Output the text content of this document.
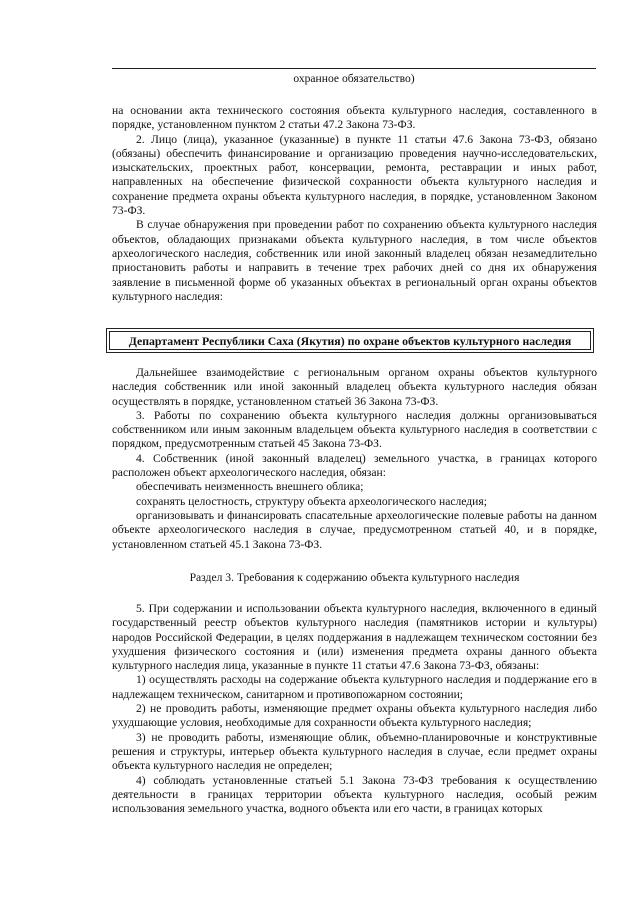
охранное обязательство)

на основании акта технического состояния объекта культурного наследия, составленного в порядке, установленном пунктом 2 статьи 47.2 Закона 73-ФЗ.

2. Лицо (лица), указанное (указанные) в пункте 11 статьи 47.6 Закона 73-ФЗ, обязано (обязаны) обеспечить финансирование и организацию проведения научно-исследовательских, изыскательских, проектных работ, консервации, ремонта, реставрации и иных работ, направленных на обеспечение физической сохранности объекта культурного наследия и сохранение предмета охраны объекта культурного наследия, в порядке, установленном Законом 73-ФЗ.

В случае обнаружения при проведении работ по сохранению объекта культурного наследия объектов, обладающих признаками объекта культурного наследия, в том числе объектов археологического наследия, собственник или иной законный владелец обязан незамедлительно приостановить работы и направить в течение трех рабочих дней со дня их обнаружения заявление в письменной форме об указанных объектах в региональный орган охраны объектов культурного наследия:

Департамент Республики Саха (Якутия) по охране объектов культурного наследия

Дальнейшее взаимодействие с региональным органом охраны объектов культурного наследия собственник или иной законный владелец объекта культурного наследия обязан осуществлять в порядке, установленном статьей 36 Закона 73-ФЗ.

3. Работы по сохранению объекта культурного наследия должны организовываться собственником или иным законным владельцем объекта культурного наследия в соответствии с порядком, предусмотренным статьей 45 Закона 73-ФЗ.

4. Собственник (иной законный владелец) земельного участка, в границах которого расположен объект археологического наследия, обязан:

обеспечивать неизменность внешнего облика;

сохранять целостность, структуру объекта археологического наследия;

организовывать и финансировать спасательные археологические полевые работы на данном объекте археологического наследия в случае, предусмотренном статьей 40, и в порядке, установленном статьей 45.1 Закона 73-ФЗ.

Раздел 3. Требования к содержанию объекта культурного наследия

5. При содержании и использовании объекта культурного наследия, включенного в единый государственный реестр объектов культурного наследия (памятников истории и культуры) народов Российской Федерации, в целях поддержания в надлежащем техническом состоянии без ухудшения физического состояния и (или) изменения предмета охраны данного объекта культурного наследия лица, указанные в пункте 11 статьи 47.6 Закона 73-ФЗ, обязаны:

1) осуществлять расходы на содержание объекта культурного наследия и поддержание его в надлежащем техническом, санитарном и противопожарном состоянии;

2) не проводить работы, изменяющие предмет охраны объекта культурного наследия либо ухудшающие условия, необходимые для сохранности объекта культурного наследия;

3) не проводить работы, изменяющие облик, объемно-планировочные и конструктивные решения и структуры, интерьер объекта культурного наследия в случае, если предмет охраны объекта культурного наследия не определен;

4) соблюдать установленные статьей 5.1 Закона 73-ФЗ требования к осуществлению деятельности в границах территории объекта культурного наследия, особый режим использования земельного участка, водного объекта или его части, в границах которых
